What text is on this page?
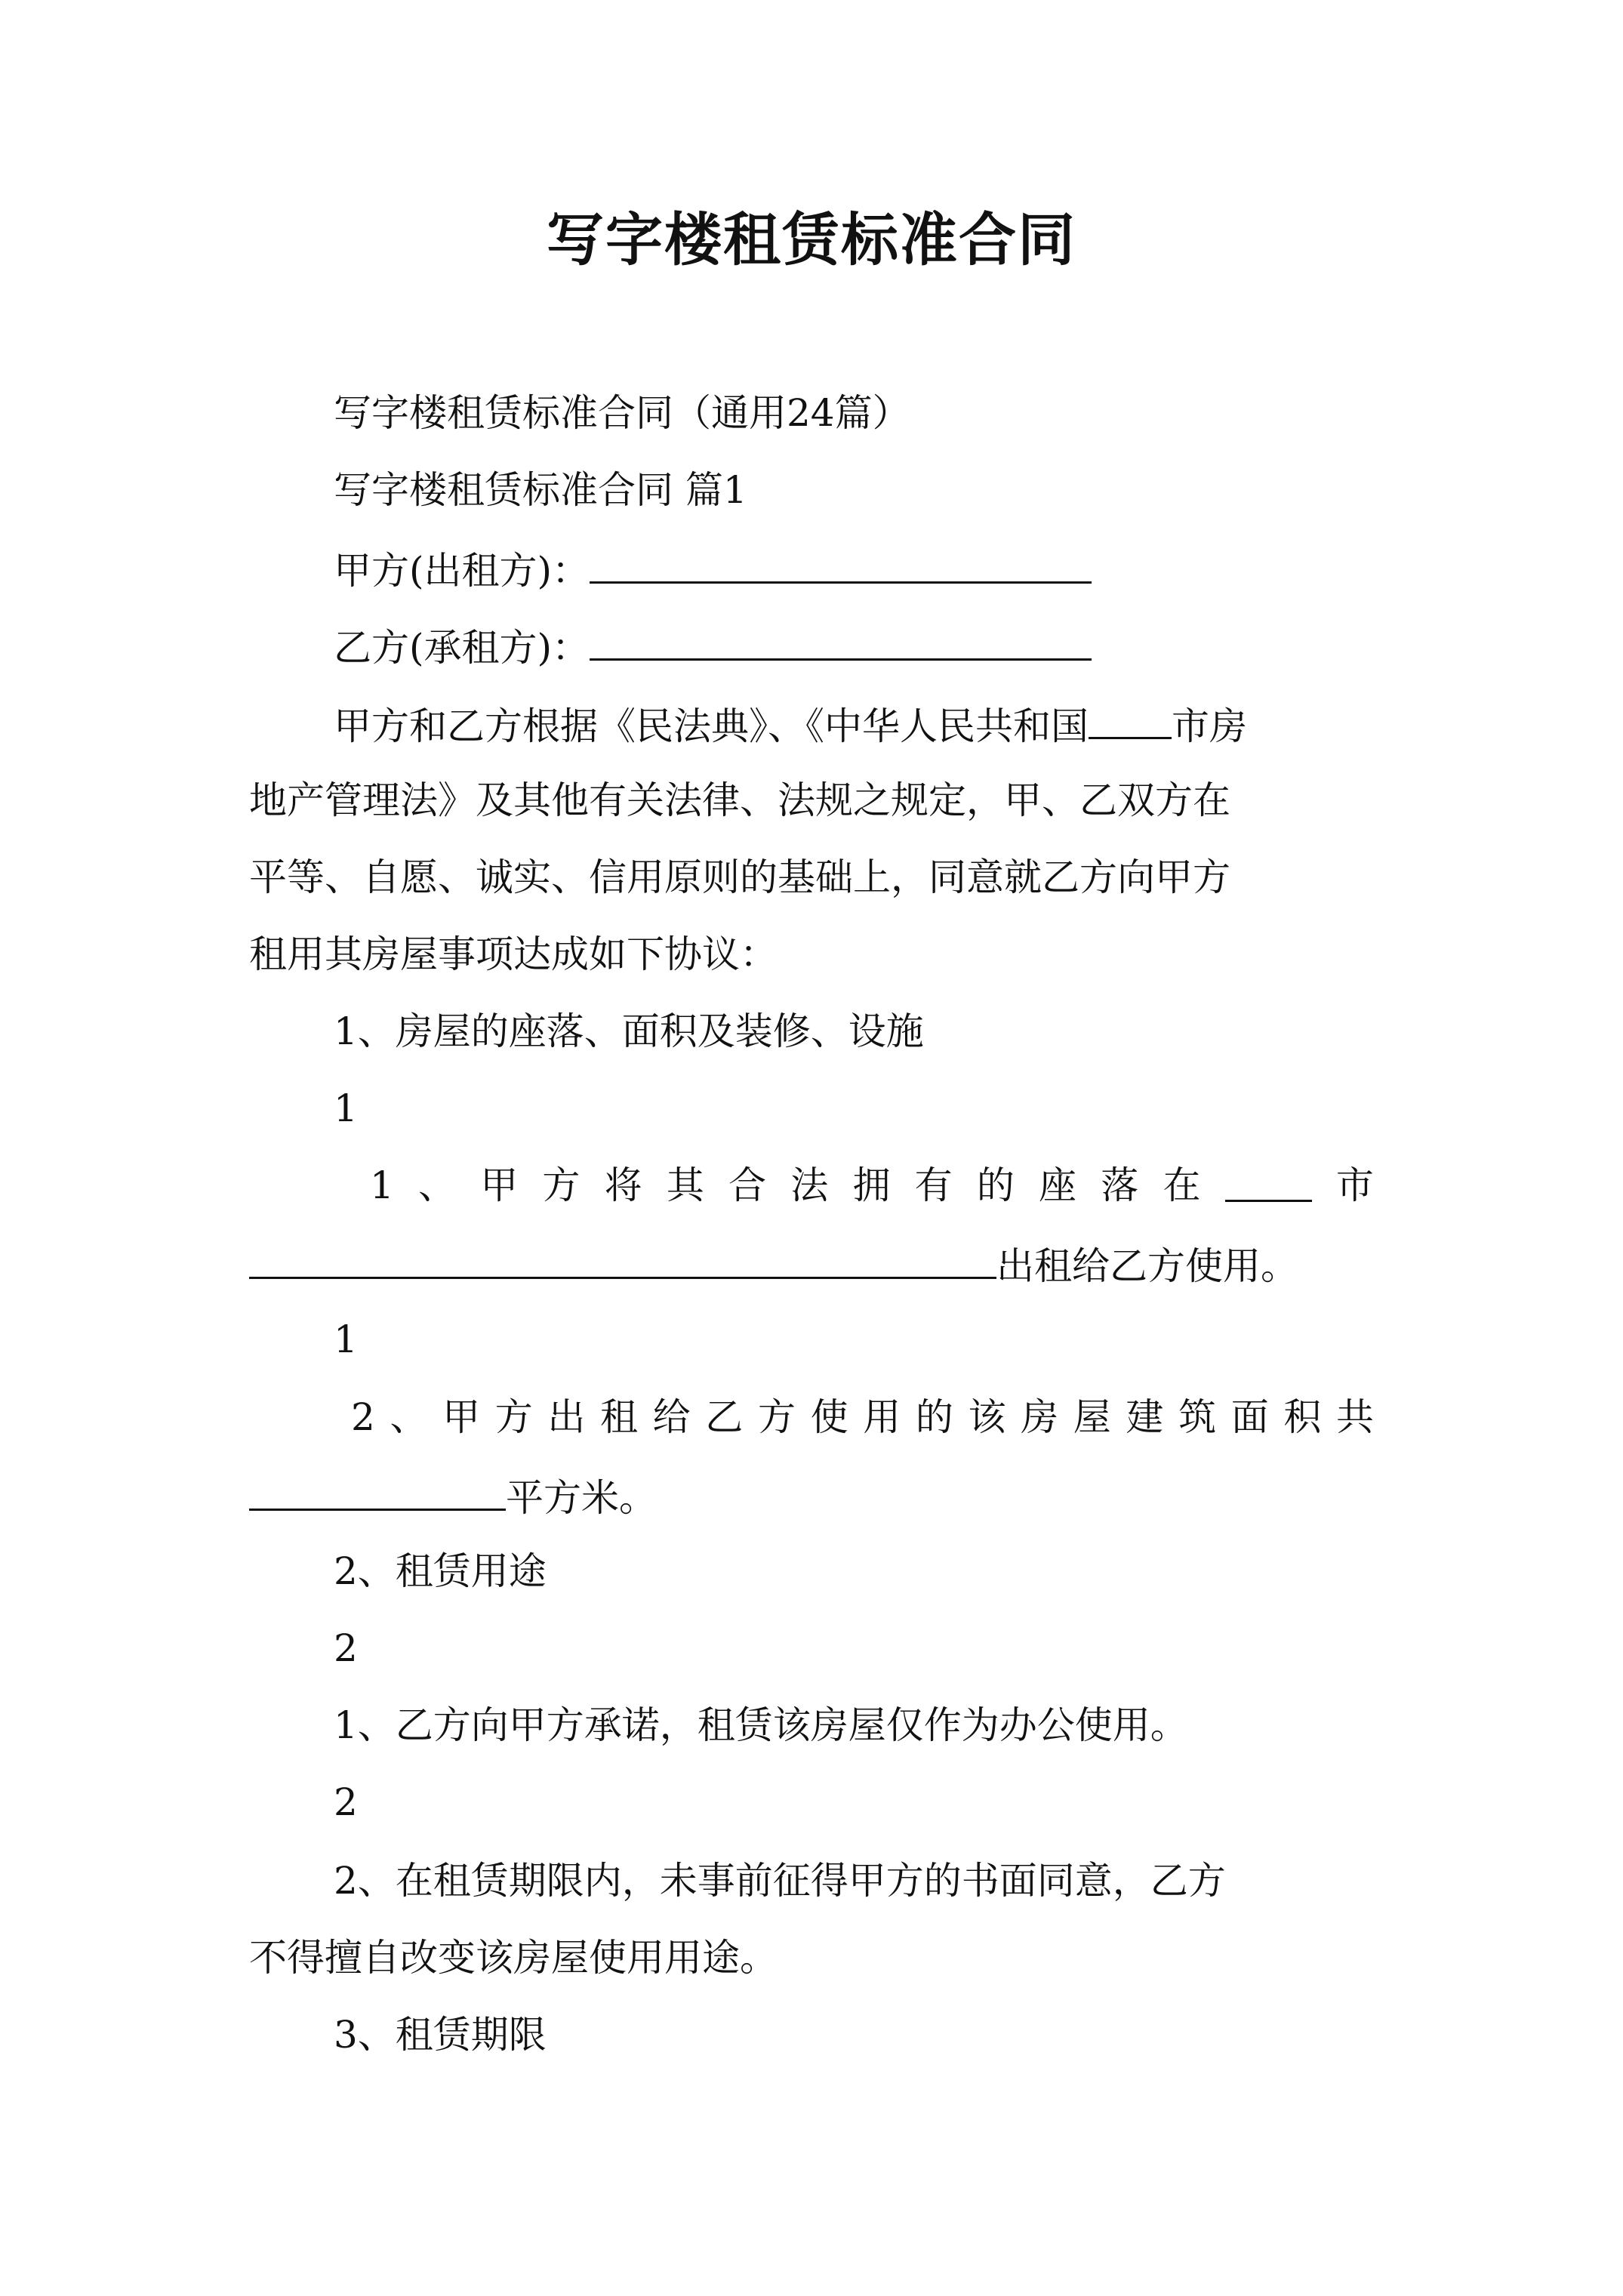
写字楼租赁标准合同
写字楼租赁标准合同（通用24篇）
写字楼租赁标准合同 篇1
甲方(出租方)：
乙方(承租方)：
甲方和乙方根据《民法典》、《中华人民共和国 市房
地产管理法》及其他有关法律、法规之规定，甲、乙双方在
平等、自愿、诚实、信用原则的基础上，同意就乙方向甲方
租用其房屋事项达成如下协议：
1、房屋的座落、面积及装修、设施
1
1 、 甲 方 将 其 合 法 拥 有 的 座 落 在	市
出租给乙方使用。
1
2 、 甲 方 出 租 给 乙 方 使 用 的 该 房 屋 建 筑 面 积 共
平方米。
2、租赁用途
2
1、乙方向甲方承诺，租赁该房屋仅作为办公使用。
2
2、在租赁期限内，未事前征得甲方的书面同意，乙方
不得擅自改变该房屋使用用途。
3、租赁期限
